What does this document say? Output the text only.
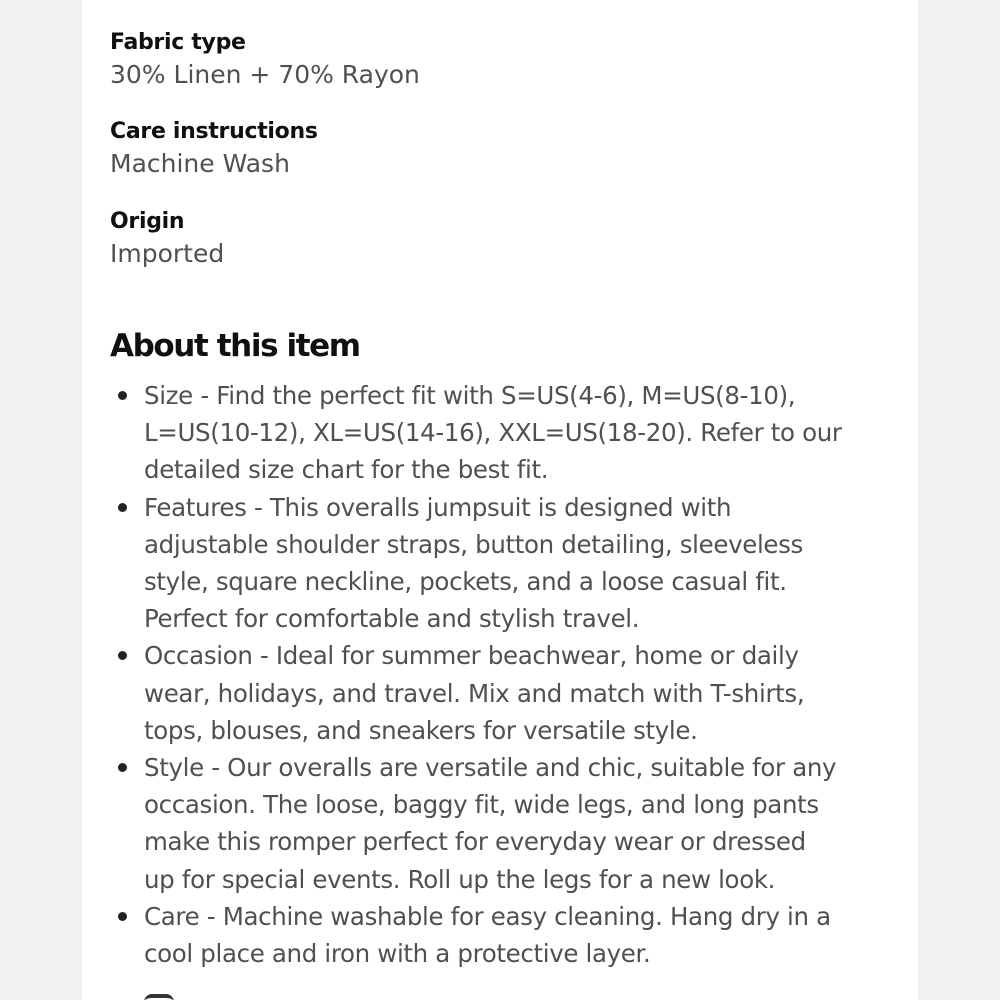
Fabric type
30% Linen + 70% Rayon
Care instructions
Machine Wash
Origin
Imported
About this item
Size - Find the perfect fit with S=US(4-6), M=US(8-10),
L=US(10-12), XL=US(14-16), XXL=US(18-20). Refer to our
detailed size chart for the best fit.
Features - This overalls jumpsuit is designed with
adjustable shoulder straps, button detailing, sleeveless
style, square neckline, pockets, and a loose casual fit.
Perfect for comfortable and stylish travel.
Occasion - Ideal for summer beachwear, home or daily
wear, holidays, and travel. Mix and match with T-shirts,
tops, blouses, and sneakers for versatile style.
Style - Our overalls are versatile and chic, suitable for any
occasion. The loose, baggy fit, wide legs, and long pants
make this romper perfect for everyday wear or dressed
up for special events. Roll up the legs for a new look.
Care - Machine washable for easy cleaning. Hang dry in a
cool place and iron with a protective layer.
